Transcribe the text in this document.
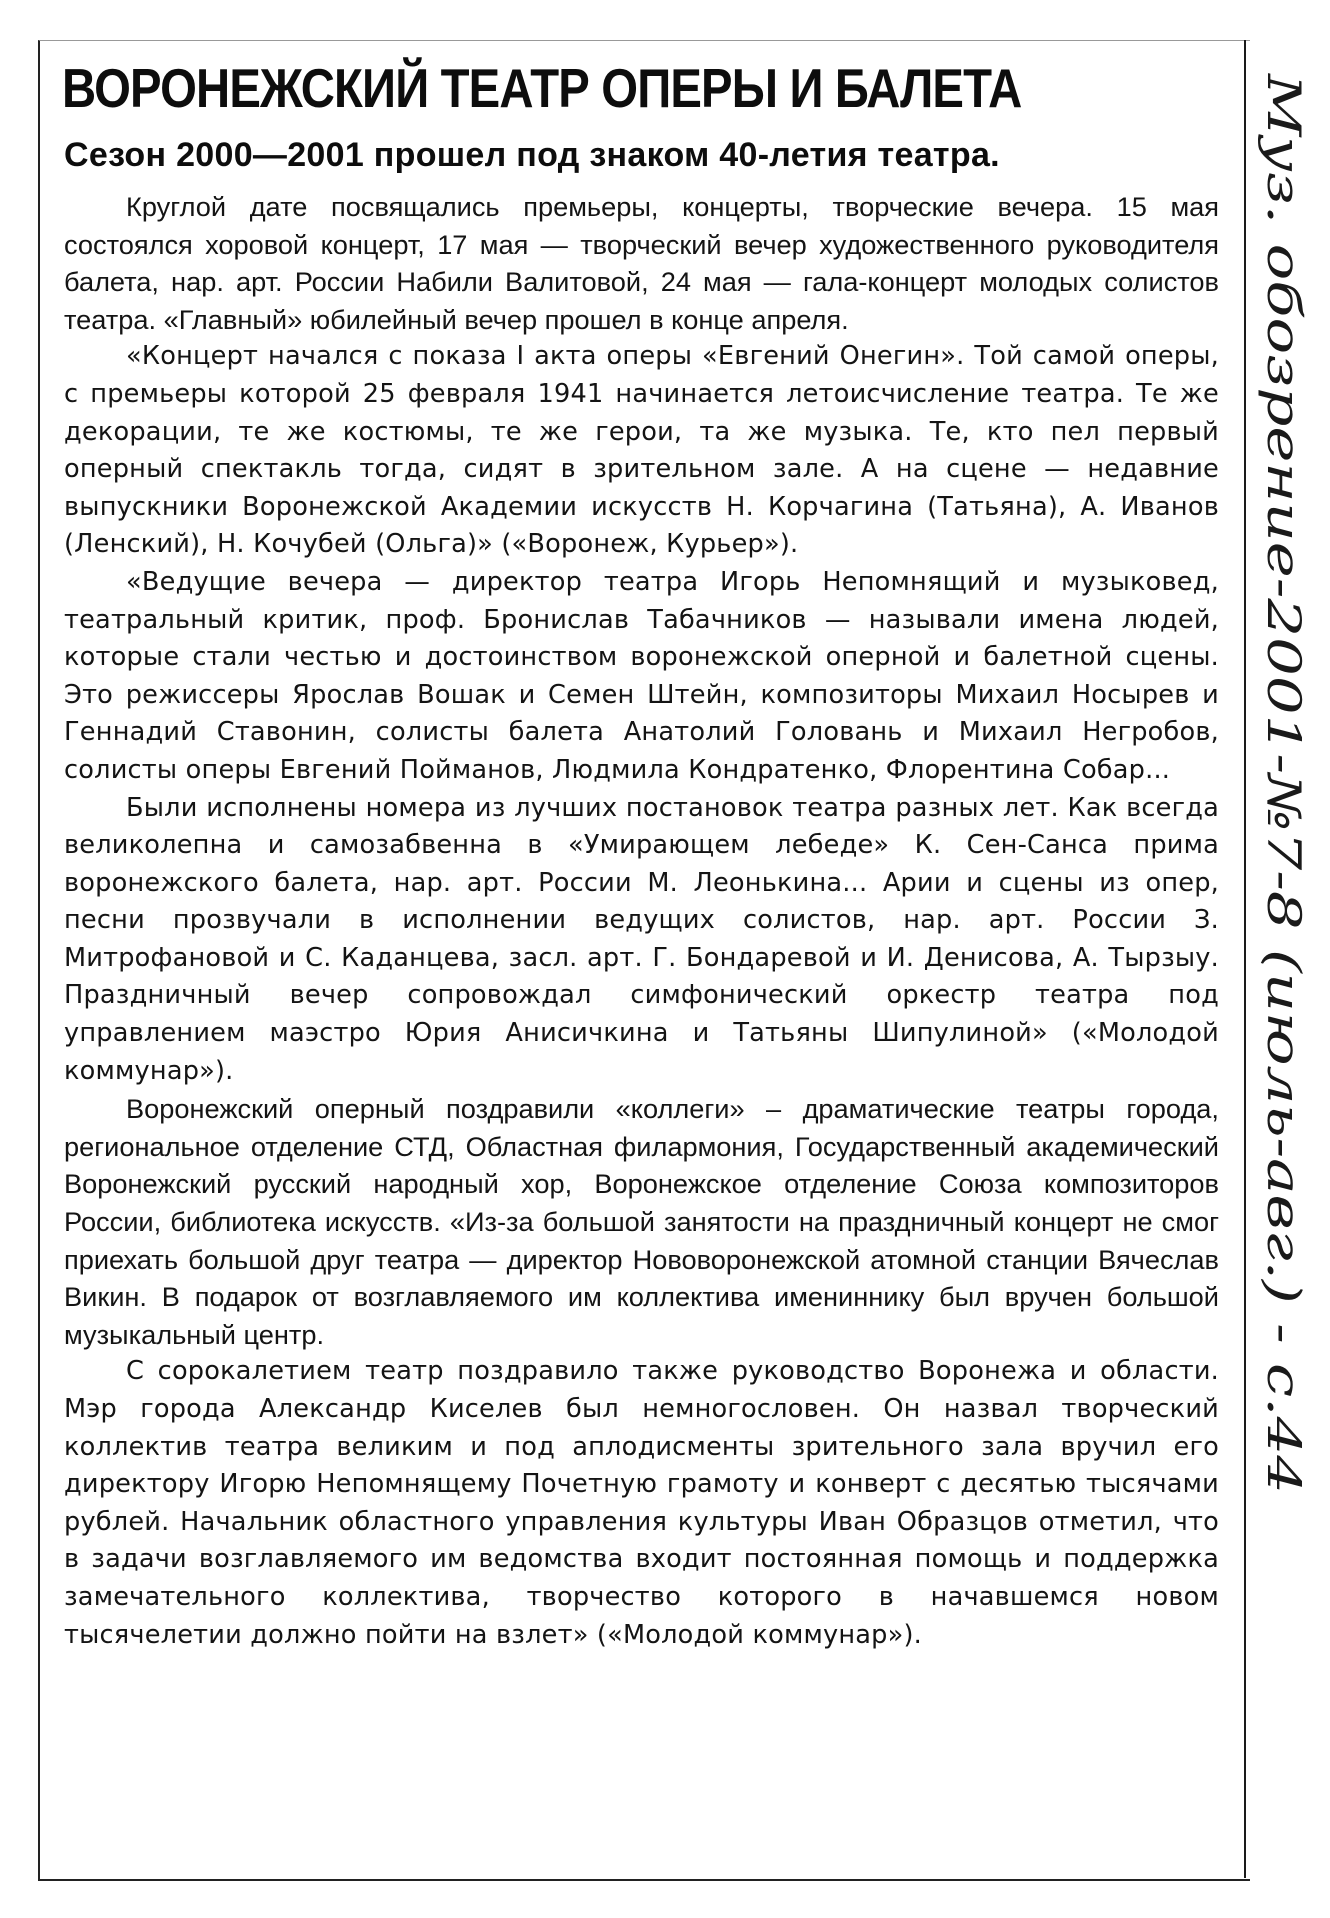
ВОРОНЕЖСКИЙ ТЕАТР ОПЕРЫ И БАЛЕТА
Сезон 2000—2001 прошел под знаком 40-летия театра.

Круглой дате посвящались премьеры, концерты, творческие вечера. 15 мая состоялся хоровой концерт, 17 мая — творческий вечер художественного руководителя балета, нар. арт. России Набили Валитовой, 24 мая — гала-концерт молодых солистов театра. «Главный» юбилейный вечер прошел в конце апреля.

«Концерт начался с показа I акта оперы «Евгений Онегин». Той самой оперы, с премьеры которой 25 февраля 1941 начинается летоисчисление театра. Те же декорации, те же костюмы, те же герои, та же музыка. Те, кто пел первый оперный спектакль тогда, сидят в зрительном зале. А на сцене — недавние выпускники Воронежской Академии искусств Н. Корчагина (Татьяна), А. Иванов (Ленский), Н. Кочубей (Ольга)» («Воронеж, Курьер»).

«Ведущие вечера — директор театра Игорь Непомнящий и музыковед, театральный критик, проф. Бронислав Табачников — называли имена людей, которые стали честью и достоинством воронежской оперной и балетной сцены. Это режиссеры Ярослав Вошак и Семен Штейн, композиторы Михаил Носырев и Геннадий Ставонин, солисты балета Анатолий Головань и Михаил Негробов, солисты оперы Евгений Пойманов, Людмила Кондратенко, Флорентина Собар...

Были исполнены номера из лучших постановок театра разных лет. Как всегда великолепна и самозабвенна в «Умирающем лебеде» К. Сен-Санса прима воронежского балета, нар. арт. России М. Леонькина... Арии и сцены из опер, песни прозвучали в исполнении ведущих солистов, нар. арт. России З. Митрофановой и С. Каданцева, засл. арт. Г. Бондаревой и И. Денисова, А. Тырзыу. Праздничный вечер сопровождал симфонический оркестр театра под управлением маэстро Юрия Анисичкина и Татьяны Шипулиной» («Молодой коммунар»).

Воронежский оперный поздравили «коллеги» – драматические театры города, региональное отделение СТД, Областная филармония, Государственный академический Воронежский русский народный хор, Воронежское отделение Союза композиторов России, библиотека искусств. «Из-за большой занятости на праздничный концерт не смог приехать большой друг театра — директор Нововоронежской атомной станции Вячеслав Викин. В подарок от возглавляемого им коллектива имениннику был вручен большой музыкальный центр.

С сорокалетием театр поздравило также руководство Воронежа и области. Мэр города Александр Киселев был немногословен. Он назвал творческий коллектив театра великим и под аплодисменты зрительного зала вручил его директору Игорю Непомнящему Почетную грамоту и конверт с десятью тысячами рублей. Начальник областного управления культуры Иван Образцов отметил, что в задачи возглавляемого им ведомства входит постоянная помощь и поддержка замечательного коллектива, творчество которого в начавшемся новом тысячелетии должно пойти на взлет» («Молодой коммунар»).

Муз. обозрение-2001-№7-8 (июль-авг.) - с.44
